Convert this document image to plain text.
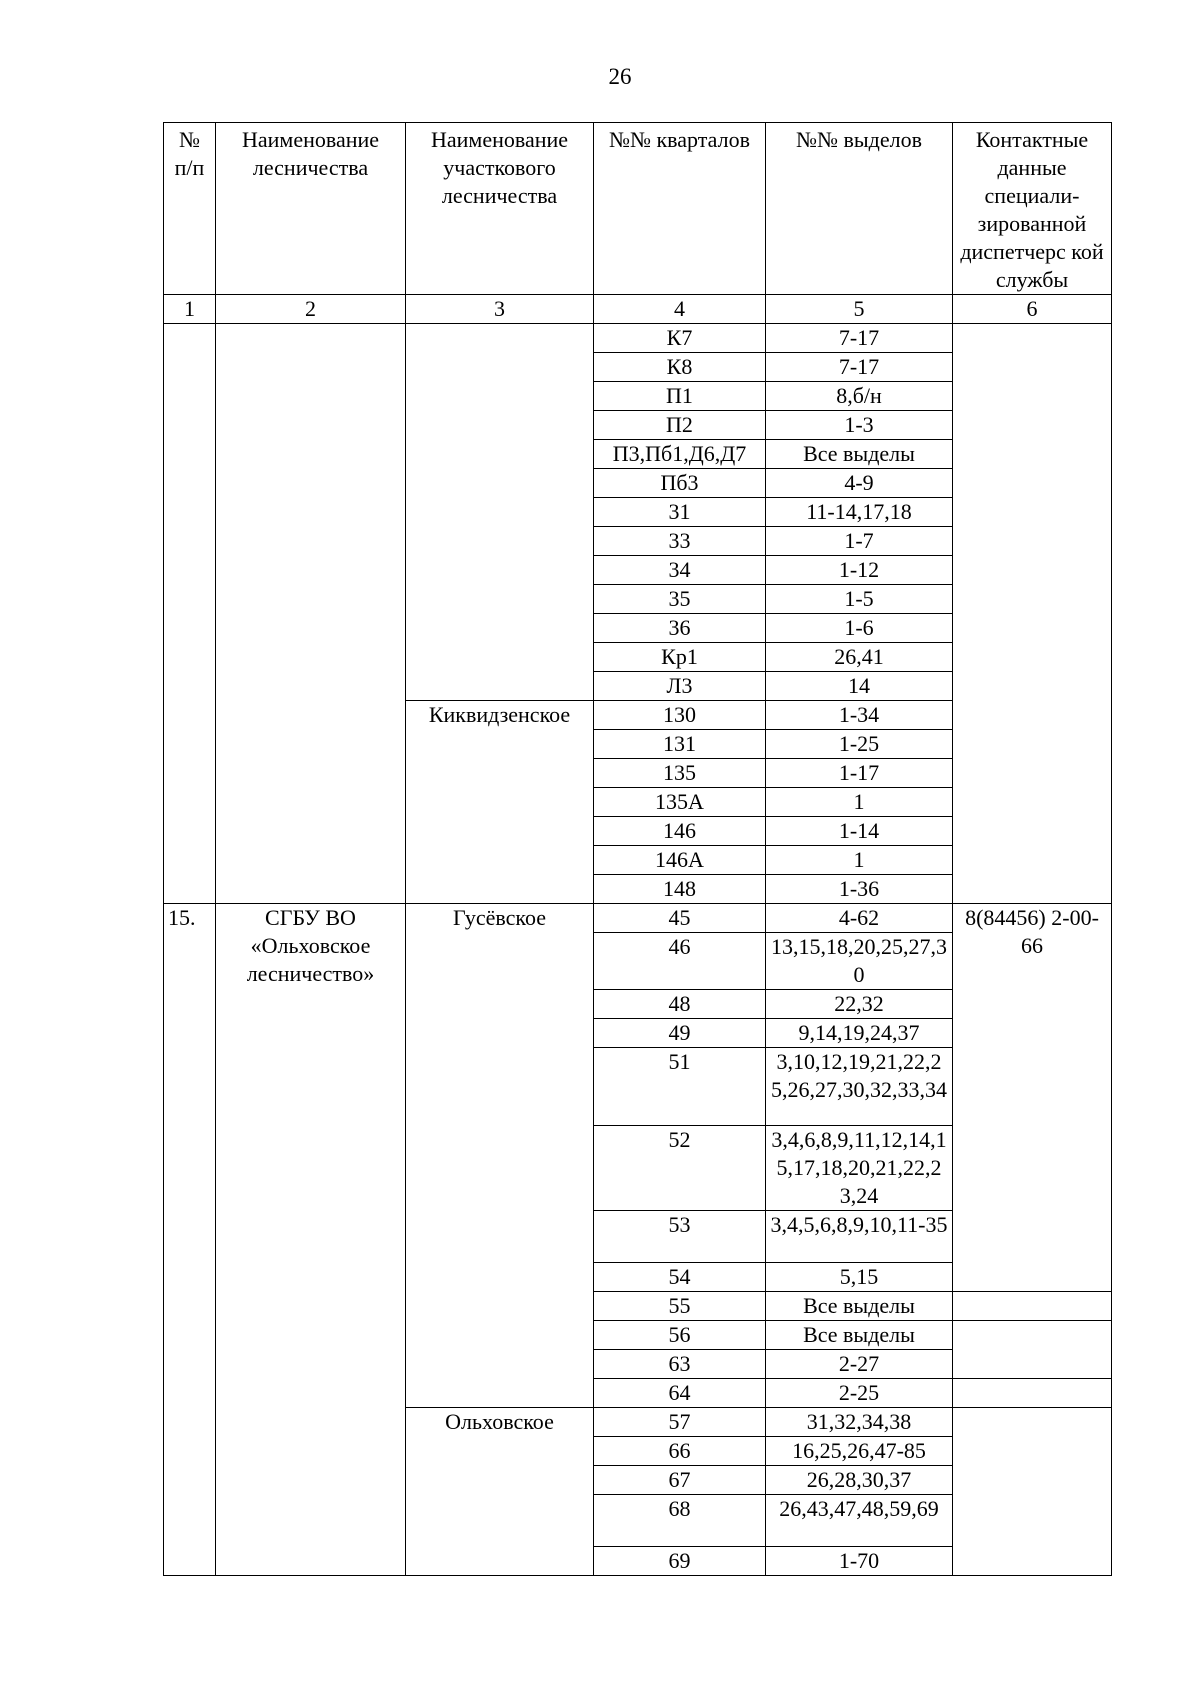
26
№ п/п	Наименование лесничества	Наименование участкового лесничества	№№ кварталов	№№ выделов	Контактные данные специали-зированной диспетчерс кой службы
1	2	3	4	5	6
			К7	7-17	
			К8	7-17	
			П1	8,б/н	
			П2	1-3	
			П3,Пб1,Д6,Д7	Все выделы	
			Пб3	4-9	
			31	11-14,17,18	
			33	1-7	
			34	1-12	
			35	1-5	
			36	1-6	
			Кр1	26,41	
			Л3	14	
		Киквидзенское	130	1-34	
			131	1-25	
			135	1-17	
			135А	1	
			146	1-14	
			146А	1	
			148	1-36	
15.	СГБУ ВО «Ольховское лесничество»	Гусёвское	45	4-62	8(84456) 2-00-66
			46	13,15,18,20,25,27,30	
			48	22,32	
			49	9,14,19,24,37	
			51	3,10,12,19,21,22,25,26,27,30,32,33,34	
			52	3,4,6,8,9,11,12,14,15,17,18,20,21,22,23,24	
			53	3,4,5,6,8,9,10,11-35	
			54	5,15	
			55	Все выделы	
			56	Все выделы	
			63	2-27	
			64	2-25	
		Ольховское	57	31,32,34,38	
			66	16,25,26,47-85	
			67	26,28,30,37	
			68	26,43,47,48,59,69	
			69	1-70	
